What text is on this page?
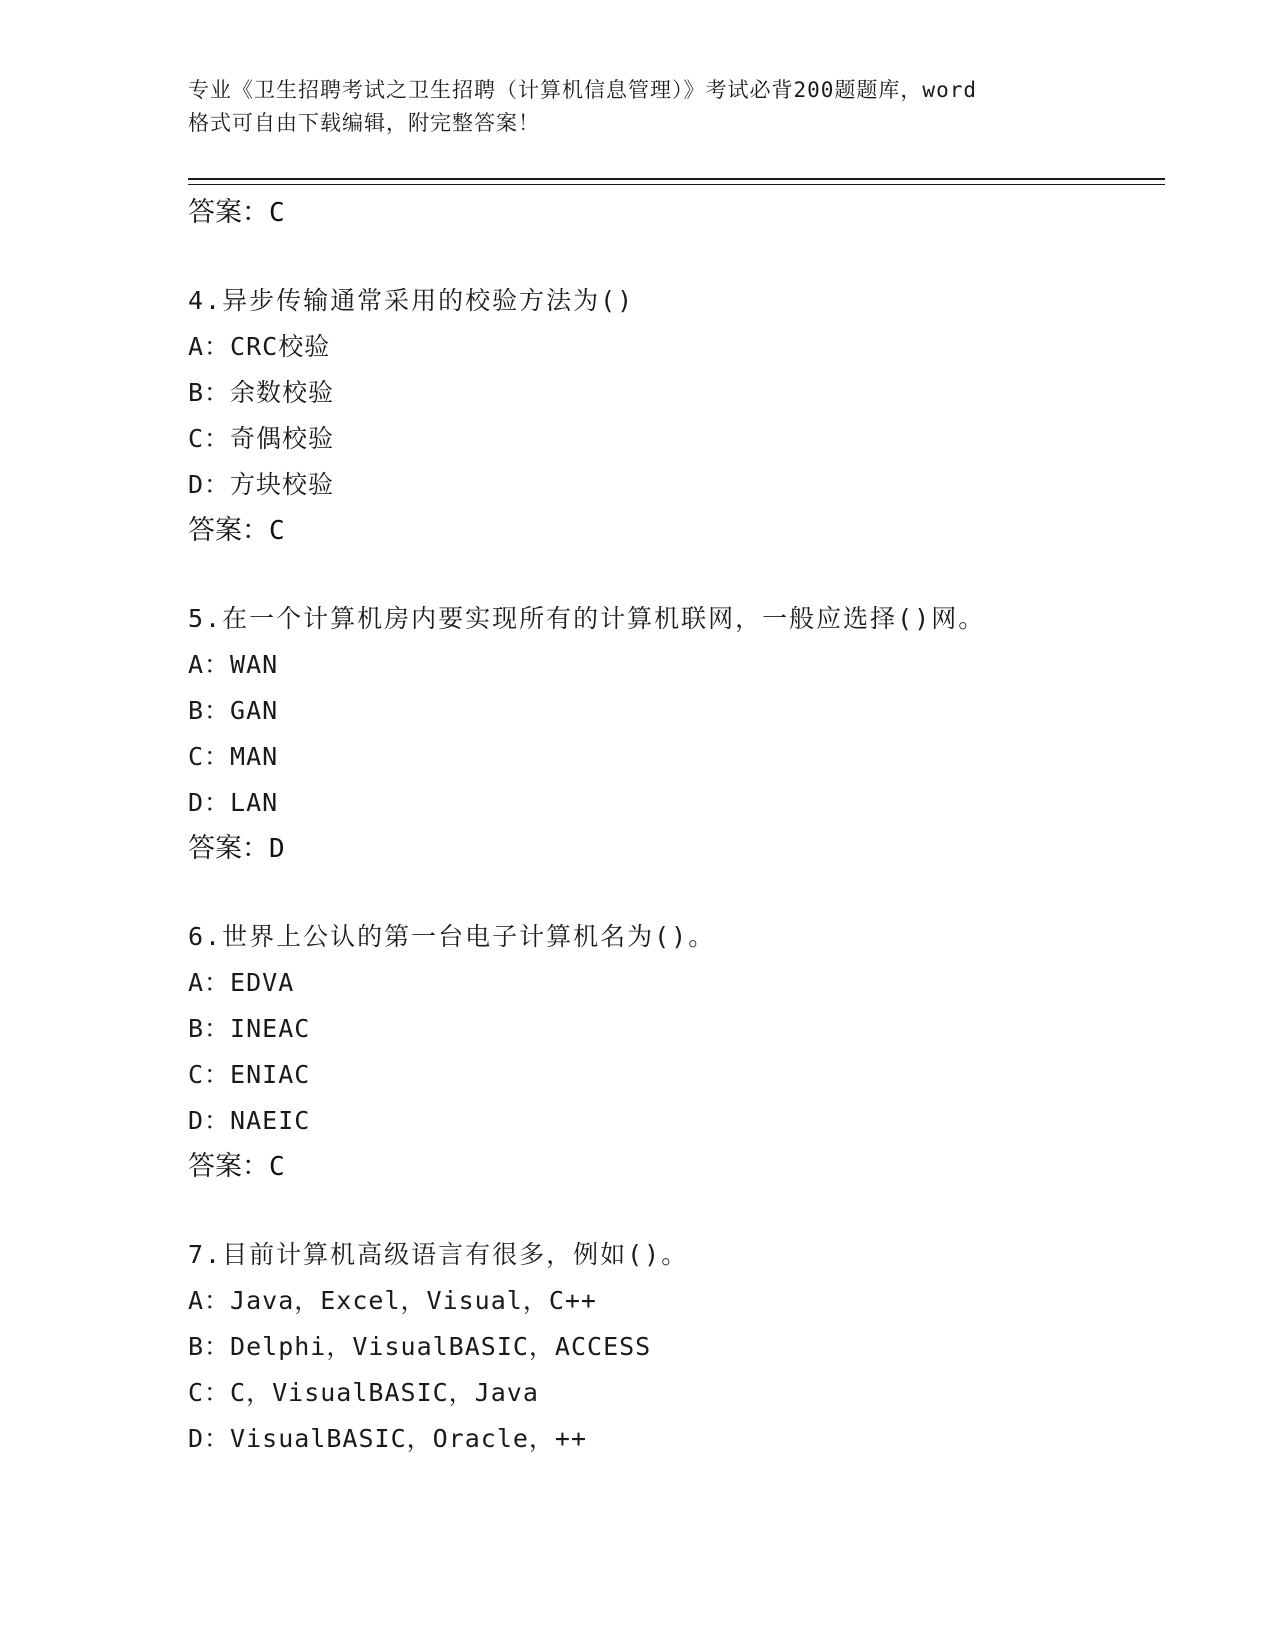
专业《卫生招聘考试之卫生招聘（计算机信息管理）》考试必背200题题库，word
格式可自由下载编辑，附完整答案！
答案：C
4.异步传输通常采用的校验方法为()
A：CRC校验
B：余数校验
C：奇偶校验
D：方块校验
答案：C
5.在一个计算机房内要实现所有的计算机联网，一般应选择()网。
A：WAN
B：GAN
C：MAN
D：LAN
答案：D
6.世界上公认的第一台电子计算机名为()。
A：EDVA
B：INEAC
C：ENIAC
D：NAEIC
答案：C
7.目前计算机高级语言有很多，例如()。
A：Java，Excel，Visual，C++
B：Delphi，VisualBASIC，ACCESS
C：C，VisualBASIC，Java
D：VisualBASIC，Oracle，++
